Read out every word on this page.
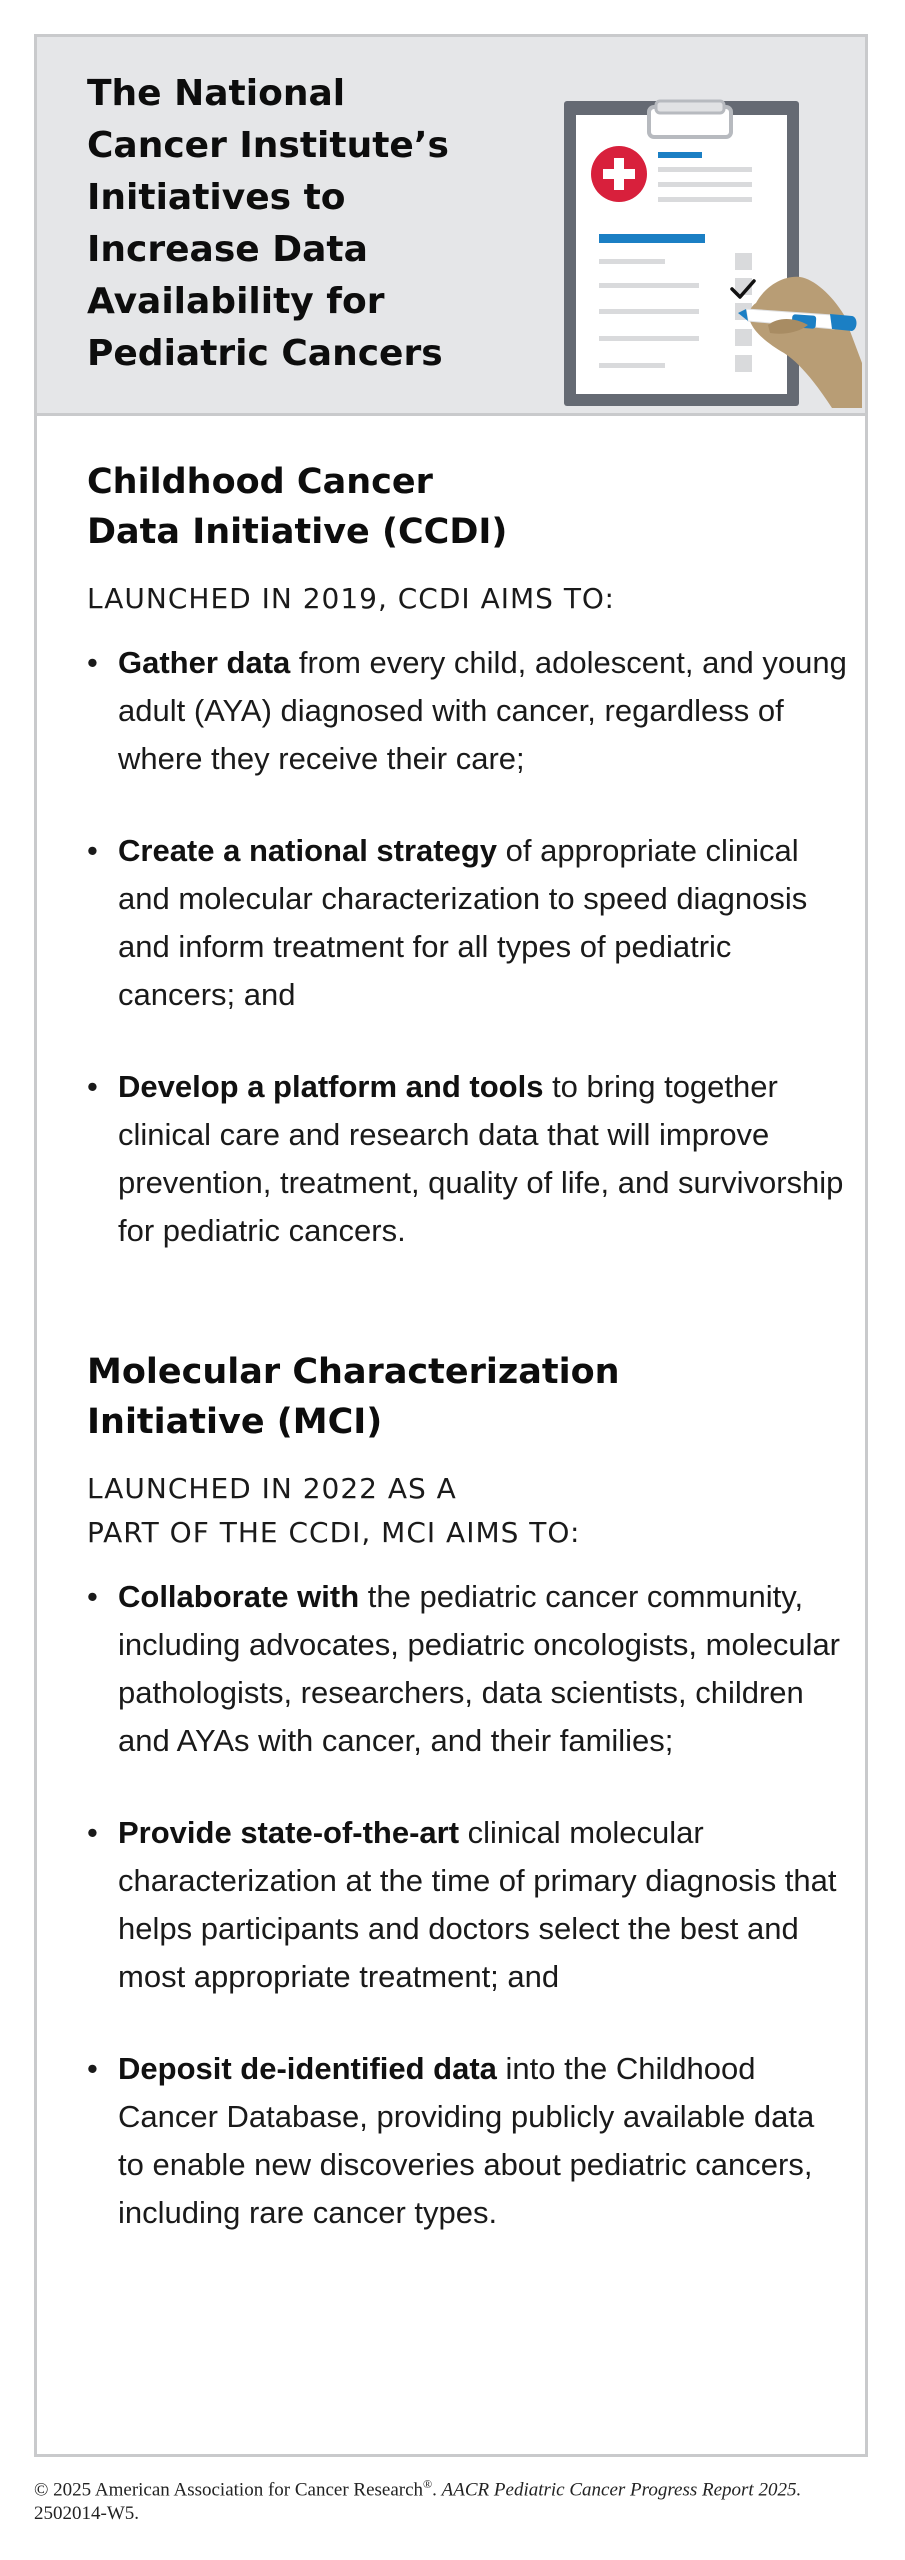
The National
Cancer Institute’s
Initiatives to
Increase Data
Availability for
Pediatric Cancers
Childhood Cancer
Data Initiative (CCDI)

LAUNCHED IN 2019, CCDI AIMS TO:

• Gather data from every child, adolescent, and young adult (AYA) diagnosed with cancer, regardless of where they receive their care;
• Create a national strategy of appropriate clinical and molecular characterization to speed diagnosis and inform treatment for all types of pediatric cancers; and
• Develop a platform and tools to bring together clinical care and research data that will improve prevention, treatment, quality of life, and survivorship for pediatric cancers.
Molecular Characterization
Initiative (MCI)

LAUNCHED IN 2022 AS A
PART OF THE CCDI, MCI AIMS TO:

• Collaborate with the pediatric cancer community, including advocates, pediatric oncologists, molecular pathologists, researchers, data scientists, children and AYAs with cancer, and their families;
• Provide state-of-the-art clinical molecular characterization at the time of primary diagnosis that helps participants and doctors select the best and most appropriate treatment; and
• Deposit de-identified data into the Childhood Cancer Database, providing publicly available data to enable new discoveries about pediatric cancers, including rare cancer types.
© 2025 American Association for Cancer Research®. AACR Pediatric Cancer Progress Report 2025.
2502014-W5.
